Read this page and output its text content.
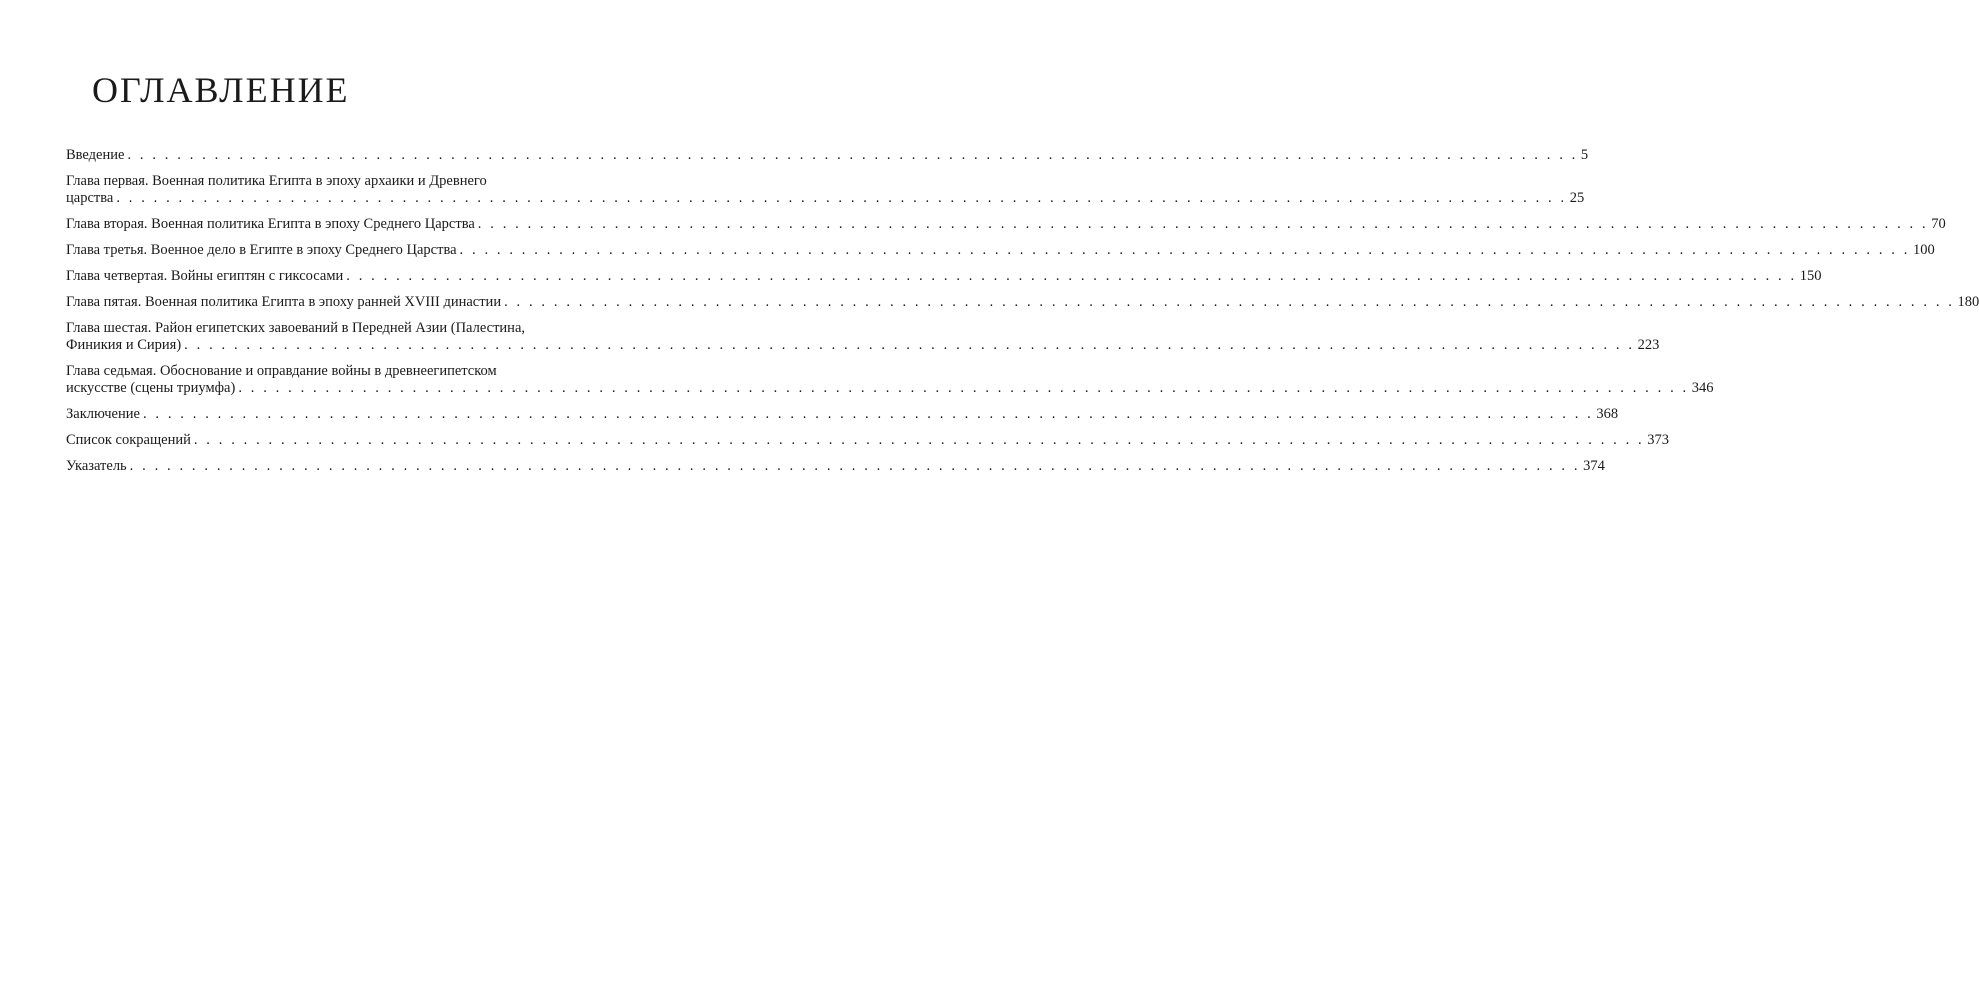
ОГЛАВЛЕНИЕ
Введение . . .	5
Глава первая. Военная политика Египта в эпоху архаики и Древнего
царства . . .	25
Глава вторая. Военная политика Египта в эпоху Среднего Царства . . .	70
Глава третья. Военное дело в Египте в эпоху Среднего Царства . . .	100
Глава четвертая. Войны египтян с гиксосами . . .	150
Глава пятая. Военная политика Египта в эпоху ранней XVIII династии . . .	180
Глава шестая. Район египетских завоеваний в Передней Азии (Палестина,
Финикия и Сирия) . . .	223
Глава седьмая. Обоснование и оправдание войны в древнеегипетском
искусстве (сцены триумфа) . . .	346
Заключение . . .	368
Список сокращений . . .	373
Указатель . . .	374
